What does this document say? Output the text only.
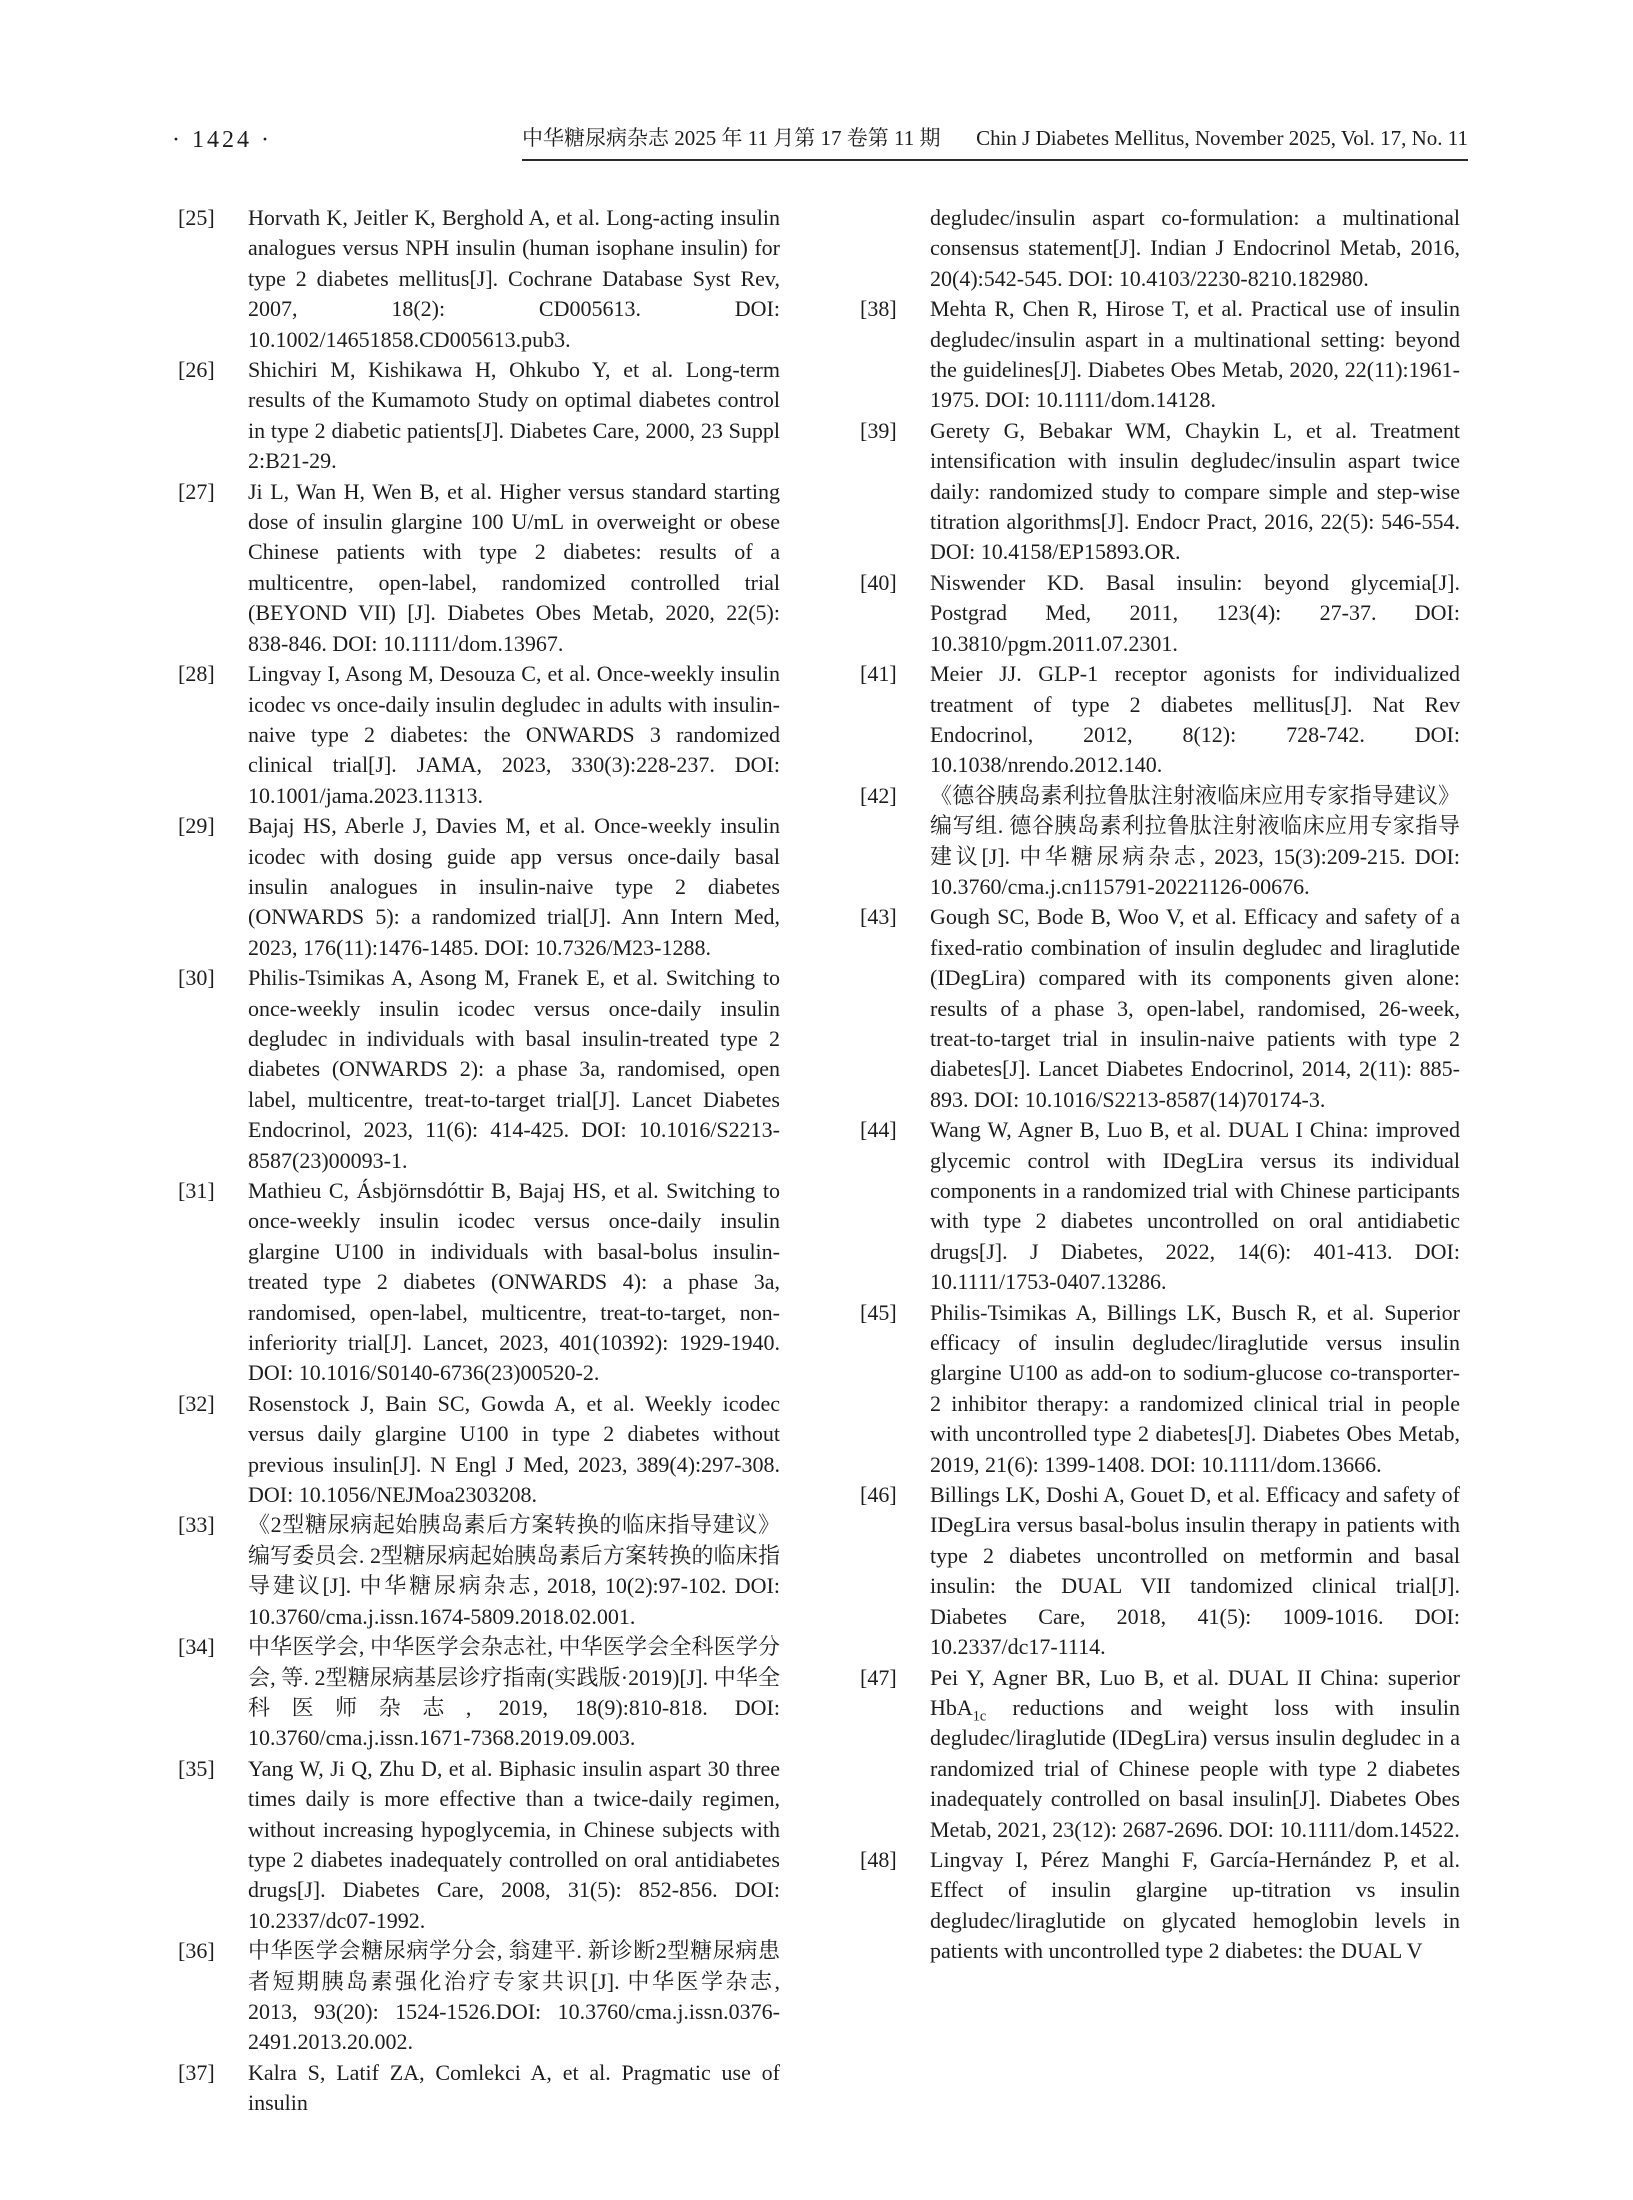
· 1424 ·	中华糖尿病杂志 2025 年 11 月第 17 卷第 11 期 Chin J Diabetes Mellitus, November 2025, Vol. 17, No. 11
[25] Horvath K, Jeitler K, Berghold A, et al. Long-acting insulin analogues versus NPH insulin (human isophane insulin) for type 2 diabetes mellitus[J]. Cochrane Database Syst Rev, 2007, 18(2): CD005613. DOI: 10.1002/14651858.CD005613.pub3.
[26] Shichiri M, Kishikawa H, Ohkubo Y, et al. Long-term results of the Kumamoto Study on optimal diabetes control in type 2 diabetic patients[J]. Diabetes Care, 2000, 23 Suppl 2:B21-29.
[27] Ji L, Wan H, Wen B, et al. Higher versus standard starting dose of insulin glargine 100 U/mL in overweight or obese Chinese patients with type 2 diabetes: results of a multicentre, open-label, randomized controlled trial (BEYOND VII) [J]. Diabetes Obes Metab, 2020, 22(5): 838-846. DOI: 10.1111/dom.13967.
[28] Lingvay I, Asong M, Desouza C, et al. Once-weekly insulin icodec vs once-daily insulin degludec in adults with insulin-naive type 2 diabetes: the ONWARDS 3 randomized clinical trial[J]. JAMA, 2023, 330(3):228-237. DOI: 10.1001/jama.2023.11313.
[29] Bajaj HS, Aberle J, Davies M, et al. Once-weekly insulin icodec with dosing guide app versus once-daily basal insulin analogues in insulin-naive type 2 diabetes (ONWARDS 5): a randomized trial[J]. Ann Intern Med, 2023, 176(11):1476-1485. DOI: 10.7326/M23-1288.
[30] Philis-Tsimikas A, Asong M, Franek E, et al. Switching to once-weekly insulin icodec versus once-daily insulin degludec in individuals with basal insulin-treated type 2 diabetes (ONWARDS 2): a phase 3a, randomised, open label, multicentre, treat-to-target trial[J]. Lancet Diabetes Endocrinol, 2023, 11(6): 414-425. DOI: 10.1016/S2213-8587(23)00093-1.
[31] Mathieu C, Ásbjörnsdóttir B, Bajaj HS, et al. Switching to once-weekly insulin icodec versus once-daily insulin glargine U100 in individuals with basal-bolus insulin-treated type 2 diabetes (ONWARDS 4): a phase 3a, randomised, open-label, multicentre, treat-to-target, non-inferiority trial[J]. Lancet, 2023, 401(10392): 1929-1940. DOI: 10.1016/S0140-6736(23)00520-2.
[32] Rosenstock J, Bain SC, Gowda A, et al. Weekly icodec versus daily glargine U100 in type 2 diabetes without previous insulin[J]. N Engl J Med, 2023, 389(4):297-308. DOI: 10.1056/NEJMoa2303208.
[33] 《2型糖尿病起始胰岛素后方案转换的临床指导建议》编写委员会. 2型糖尿病起始胰岛素后方案转换的临床指导建议[J]. 中华糖尿病杂志, 2018, 10(2):97-102. DOI: 10.3760/cma.j.issn.1674-5809.2018.02.001.
[34] 中华医学会, 中华医学会杂志社, 中华医学会全科医学分会, 等. 2型糖尿病基层诊疗指南(实践版·2019)[J]. 中华全科医师杂志, 2019, 18(9):810-818. DOI: 10.3760/cma.j.issn.1671-7368.2019.09.003.
[35] Yang W, Ji Q, Zhu D, et al. Biphasic insulin aspart 30 three times daily is more effective than a twice-daily regimen, without increasing hypoglycemia, in Chinese subjects with type 2 diabetes inadequately controlled on oral antidiabetes drugs[J]. Diabetes Care, 2008, 31(5): 852-856. DOI: 10.2337/dc07-1992.
[36] 中华医学会糖尿病学分会, 翁建平. 新诊断2型糖尿病患者短期胰岛素强化治疗专家共识[J]. 中华医学杂志, 2013, 93(20): 1524-1526.DOI: 10.3760/cma.j.issn.0376-2491.2013.20.002.
[37] Kalra S, Latif ZA, Comlekci A, et al. Pragmatic use of insulin
degludec/insulin aspart co-formulation: a multinational consensus statement[J]. Indian J Endocrinol Metab, 2016, 20(4):542-545. DOI: 10.4103/2230-8210.182980.
[38] Mehta R, Chen R, Hirose T, et al. Practical use of insulin degludec/insulin aspart in a multinational setting: beyond the guidelines[J]. Diabetes Obes Metab, 2020, 22(11):1961-1975. DOI: 10.1111/dom.14128.
[39] Gerety G, Bebakar WM, Chaykin L, et al. Treatment intensification with insulin degludec/insulin aspart twice daily: randomized study to compare simple and step-wise titration algorithms[J]. Endocr Pract, 2016, 22(5): 546-554. DOI: 10.4158/EP15893.OR.
[40] Niswender KD. Basal insulin: beyond glycemia[J]. Postgrad Med, 2011, 123(4): 27-37. DOI: 10.3810/pgm.2011.07.2301.
[41] Meier JJ. GLP-1 receptor agonists for individualized treatment of type 2 diabetes mellitus[J]. Nat Rev Endocrinol, 2012, 8(12): 728-742. DOI: 10.1038/nrendo.2012.140.
[42] 《德谷胰岛素利拉鲁肽注射液临床应用专家指导建议》编写组. 德谷胰岛素利拉鲁肽注射液临床应用专家指导建议[J]. 中华糖尿病杂志, 2023, 15(3):209-215. DOI: 10.3760/cma.j.cn115791-20221126-00676.
[43] Gough SC, Bode B, Woo V, et al. Efficacy and safety of a fixed-ratio combination of insulin degludec and liraglutide (IDegLira) compared with its components given alone: results of a phase 3, open-label, randomised, 26-week, treat-to-target trial in insulin-naive patients with type 2 diabetes[J]. Lancet Diabetes Endocrinol, 2014, 2(11): 885-893. DOI: 10.1016/S2213-8587(14)70174-3.
[44] Wang W, Agner B, Luo B, et al. DUAL I China: improved glycemic control with IDegLira versus its individual components in a randomized trial with Chinese participants with type 2 diabetes uncontrolled on oral antidiabetic drugs[J]. J Diabetes, 2022, 14(6): 401-413. DOI: 10.1111/1753-0407.13286.
[45] Philis-Tsimikas A, Billings LK, Busch R, et al. Superior efficacy of insulin degludec/liraglutide versus insulin glargine U100 as add-on to sodium-glucose co-transporter-2 inhibitor therapy: a randomized clinical trial in people with uncontrolled type 2 diabetes[J]. Diabetes Obes Metab, 2019, 21(6): 1399-1408. DOI: 10.1111/dom.13666.
[46] Billings LK, Doshi A, Gouet D, et al. Efficacy and safety of IDegLira versus basal-bolus insulin therapy in patients with type 2 diabetes uncontrolled on metformin and basal insulin: the DUAL VII tandomized clinical trial[J]. Diabetes Care, 2018, 41(5): 1009-1016. DOI: 10.2337/dc17-1114.
[47] Pei Y, Agner BR, Luo B, et al. DUAL II China: superior HbA$_{1c}$ reductions and weight loss with insulin degludec/liraglutide (IDegLira) versus insulin degludec in a randomized trial of Chinese people with type 2 diabetes inadequately controlled on basal insulin[J]. Diabetes Obes Metab, 2021, 23(12): 2687-2696. DOI: 10.1111/dom.14522.
[48] Lingvay I, Pérez Manghi F, García-Hernández P, et al. Effect of insulin glargine up-titration vs insulin degludec/liraglutide on glycated hemoglobin levels in patients with uncontrolled type 2 diabetes: the DUAL V
